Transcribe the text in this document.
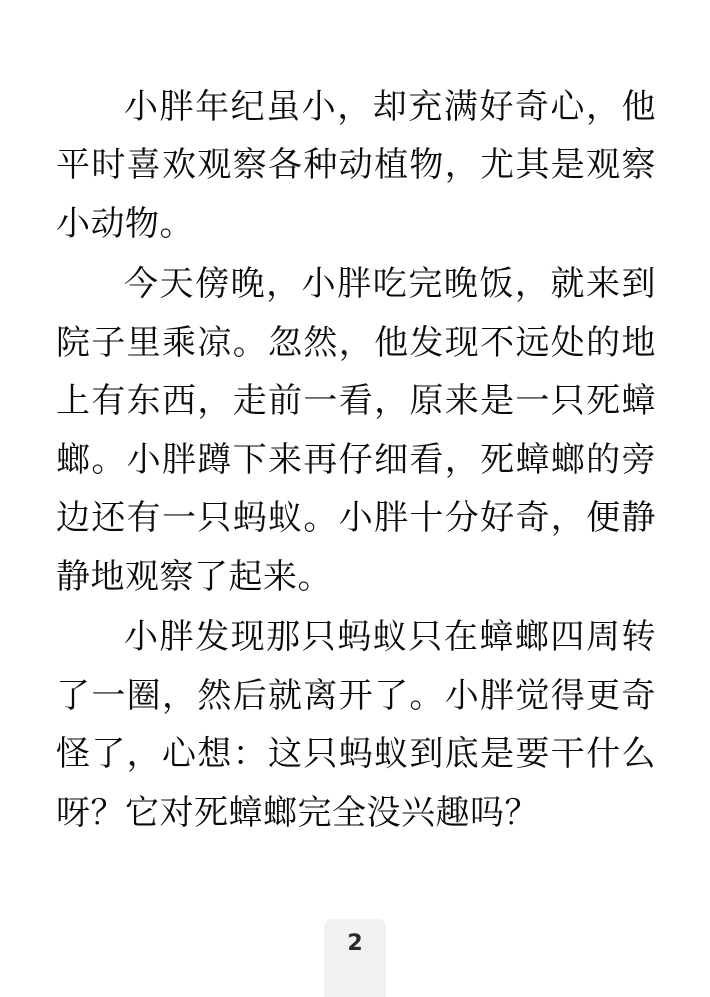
小胖年纪虽小，却充满好奇心，他平时喜欢观察各种动植物，尤其是观察小动物。

今天傍晚，小胖吃完晚饭，就来到院子里乘凉。忽然，他发现不远处的地上有东西，走前一看，原来是一只死蟑螂。小胖蹲下来再仔细看，死蟑螂的旁边还有一只蚂蚁。小胖十分好奇，便静静地观察了起来。

小胖发现那只蚂蚁只在蟑螂四周转了一圈，然后就离开了。小胖觉得更奇怪了，心想：这只蚂蚁到底是要干什么呀？它对死蟑螂完全没兴趣吗？

2
